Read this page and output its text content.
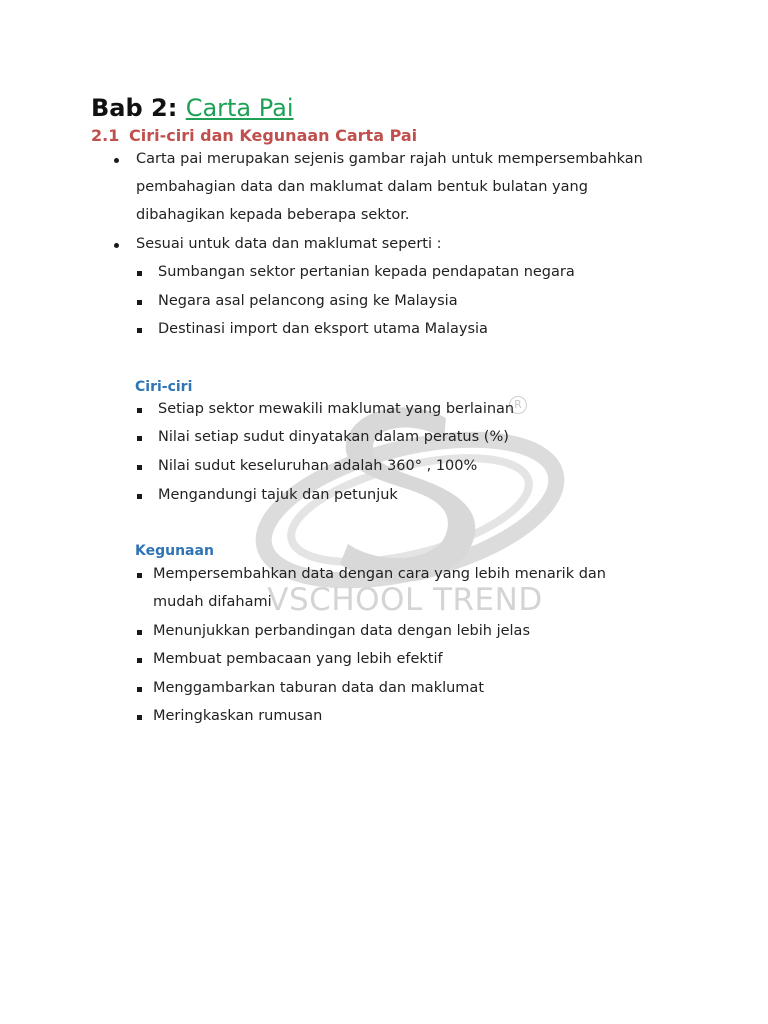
R
VSCHOOL TREND
Bab 2: Carta Pai
2.1 Ciri-ciri dan Kegunaan Carta Pai
Carta pai merupakan sejenis gambar rajah untuk mempersembahkan
pembahagian data dan maklumat dalam bentuk bulatan yang
dibahagikan kepada beberapa sektor.
Sesuai untuk data dan maklumat seperti :
Sumbangan sektor pertanian kepada pendapatan negara
Negara asal pelancong asing ke Malaysia
Destinasi import dan eksport utama Malaysia
Ciri-ciri
Setiap sektor mewakili maklumat yang berlainan
Nilai setiap sudut dinyatakan dalam peratus (%)
Nilai sudut keseluruhan adalah 360° , 100%
Mengandungi tajuk dan petunjuk
Kegunaan
Mempersembahkan data dengan cara yang lebih menarik dan
mudah difahami
Menunjukkan perbandingan data dengan lebih jelas
Membuat pembacaan yang lebih efektif
Menggambarkan taburan data dan maklumat
Meringkaskan rumusan
